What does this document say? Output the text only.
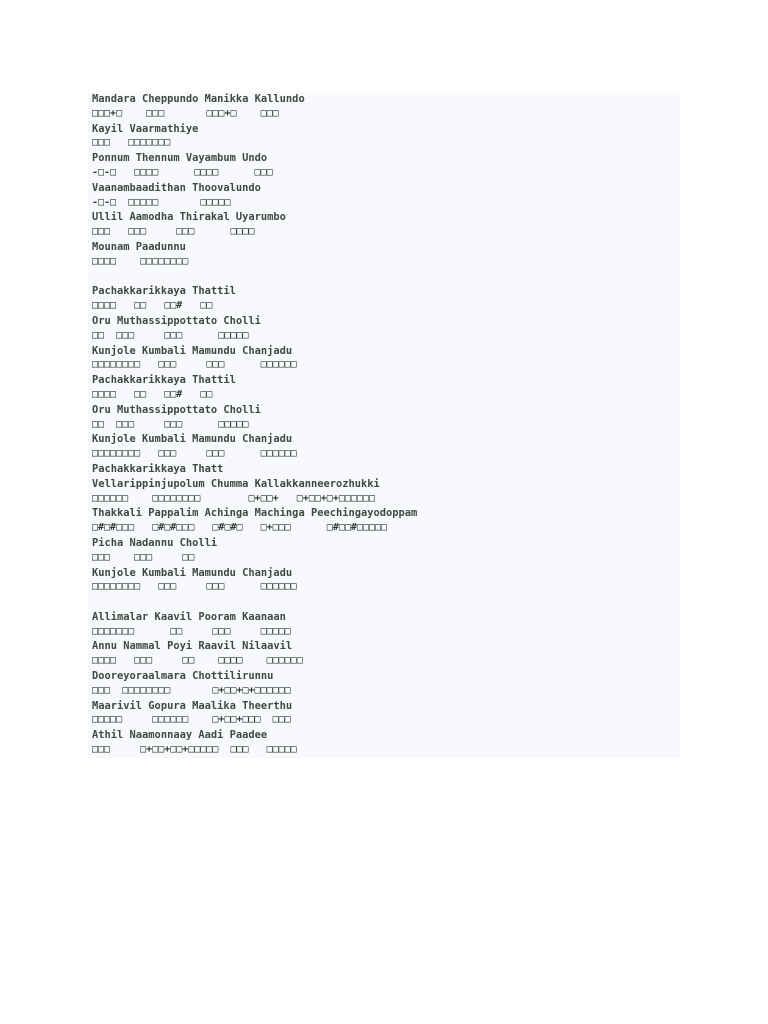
Mandara Cheppundo Manikka Kallundo
□□□+□    □□□       □□□+□    □□□
Kayil Vaarmathiye
□□□   □□□□□□□
Ponnum Thennum Vayambum Undo
-□-□   □□□□      □□□□      □□□
Vaanambaadithan Thoovalundo
-□-□  □□□□□       □□□□□
Ullil Aamodha Thirakal Uyarumbo
□□□   □□□     □□□      □□□□
Mounam Paadunnu
□□□□    □□□□□□□□
Pachakkarikkaya Thattil
□□□□   □□   □□#   □□
Oru Muthassippottato Cholli
□□  □□□     □□□      □□□□□
Kunjole Kumbali Mamundu Chanjadu
□□□□□□□□   □□□     □□□      □□□□□□
Pachakkarikkaya Thattil
□□□□   □□   □□#   □□
Oru Muthassippottato Cholli
□□  □□□     □□□      □□□□□
Kunjole Kumbali Mamundu Chanjadu
□□□□□□□□   □□□     □□□      □□□□□□
Pachakkarikkaya Thatt
Vellarippinjupolum Chumma Kallakkanneerozhukki
□□□□□□    □□□□□□□□        □+□□+   □+□□+□+□□□□□□
Thakkali Pappalim Achinga Machinga Peechingayodoppam
□#□#□□□   □#□#□□□   □#□#□   □+□□□      □#□□#□□□□□
Picha Nadannu Cholli
□□□    □□□     □□
Kunjole Kumbali Mamundu Chanjadu
□□□□□□□□   □□□     □□□      □□□□□□
Allimalar Kaavil Pooram Kaanaan
□□□□□□□      □□     □□□     □□□□□
Annu Nammal Poyi Raavil Nilaavil
□□□□   □□□     □□    □□□□    □□□□□□
Dooreyoraalmara Chottilirunnu
□□□  □□□□□□□□       □+□□+□+□□□□□□
Maarivil Gopura Maalika Theerthu
□□□□□     □□□□□□    □+□□+□□□  □□□
Athil Naamonnaay Aadi Paadee
□□□     □+□□+□□+□□□□□  □□□   □□□□□
